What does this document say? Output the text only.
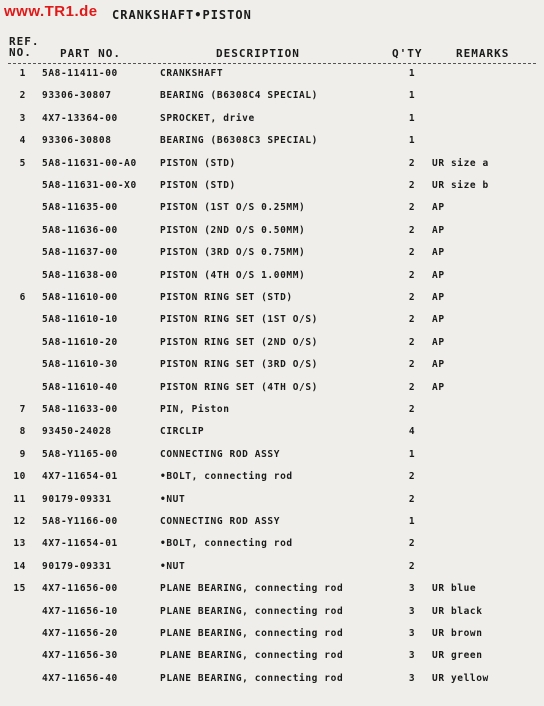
www.TR1.de CRANKSHAFT•PISTON
REF.
NO.	PART NO.	DESCRIPTION	Q'TY	REMARKS
1 5A8-11411-00	CRANKSHAFT	1
2 93306-30807	BEARING (B6308C4 SPECIAL)	1
3 4X7-13364-00	SPROCKET, drive	1
4 93306-30808	BEARING (B6308C3 SPECIAL)	1
5 5A8-11631-00-A0 PISTON (STD)	2 UR size a
5A8-11631-00-X0 PISTON (STD)	2 UR size b
5A8-11635-00	PISTON (1ST O/S 0.25MM)	2 AP
5A8-11636-00	PISTON (2ND O/S 0.50MM)	2 AP
5A8-11637-00	PISTON (3RD O/S 0.75MM)	2 AP
5A8-11638-00	PISTON (4TH O/S 1.00MM)	2 AP
6 5A8-11610-00	PISTON RING SET (STD)	2 AP
5A8-11610-10	PISTON RING SET (1ST O/S)	2 AP
5A8-11610-20	PISTON RING SET (2ND O/S)	2 AP
5A8-11610-30	PISTON RING SET (3RD O/S)	2 AP
5A8-11610-40	PISTON RING SET (4TH O/S)	2 AP
7 5A8-11633-00	PIN, Piston	2
8 93450-24028	CIRCLIP	4
9 5A8-Y1165-00	CONNECTING ROD ASSY	1
10 4X7-11654-01	•BOLT, connecting rod	2
11 90179-09331	•NUT	2
12 5A8-Y1166-00	CONNECTING ROD ASSY	1
13 4X7-11654-01	•BOLT, connecting rod	2
14 90179-09331	•NUT	2
15 4X7-11656-00	PLANE BEARING, connecting rod	3 UR blue
4X7-11656-10	PLANE BEARING, connecting rod	3 UR black
4X7-11656-20	PLANE BEARING, connecting rod	3 UR brown
4X7-11656-30	PLANE BEARING, connecting rod	3 UR green
4X7-11656-40	PLANE BEARING, connecting rod	3 UR yellow
